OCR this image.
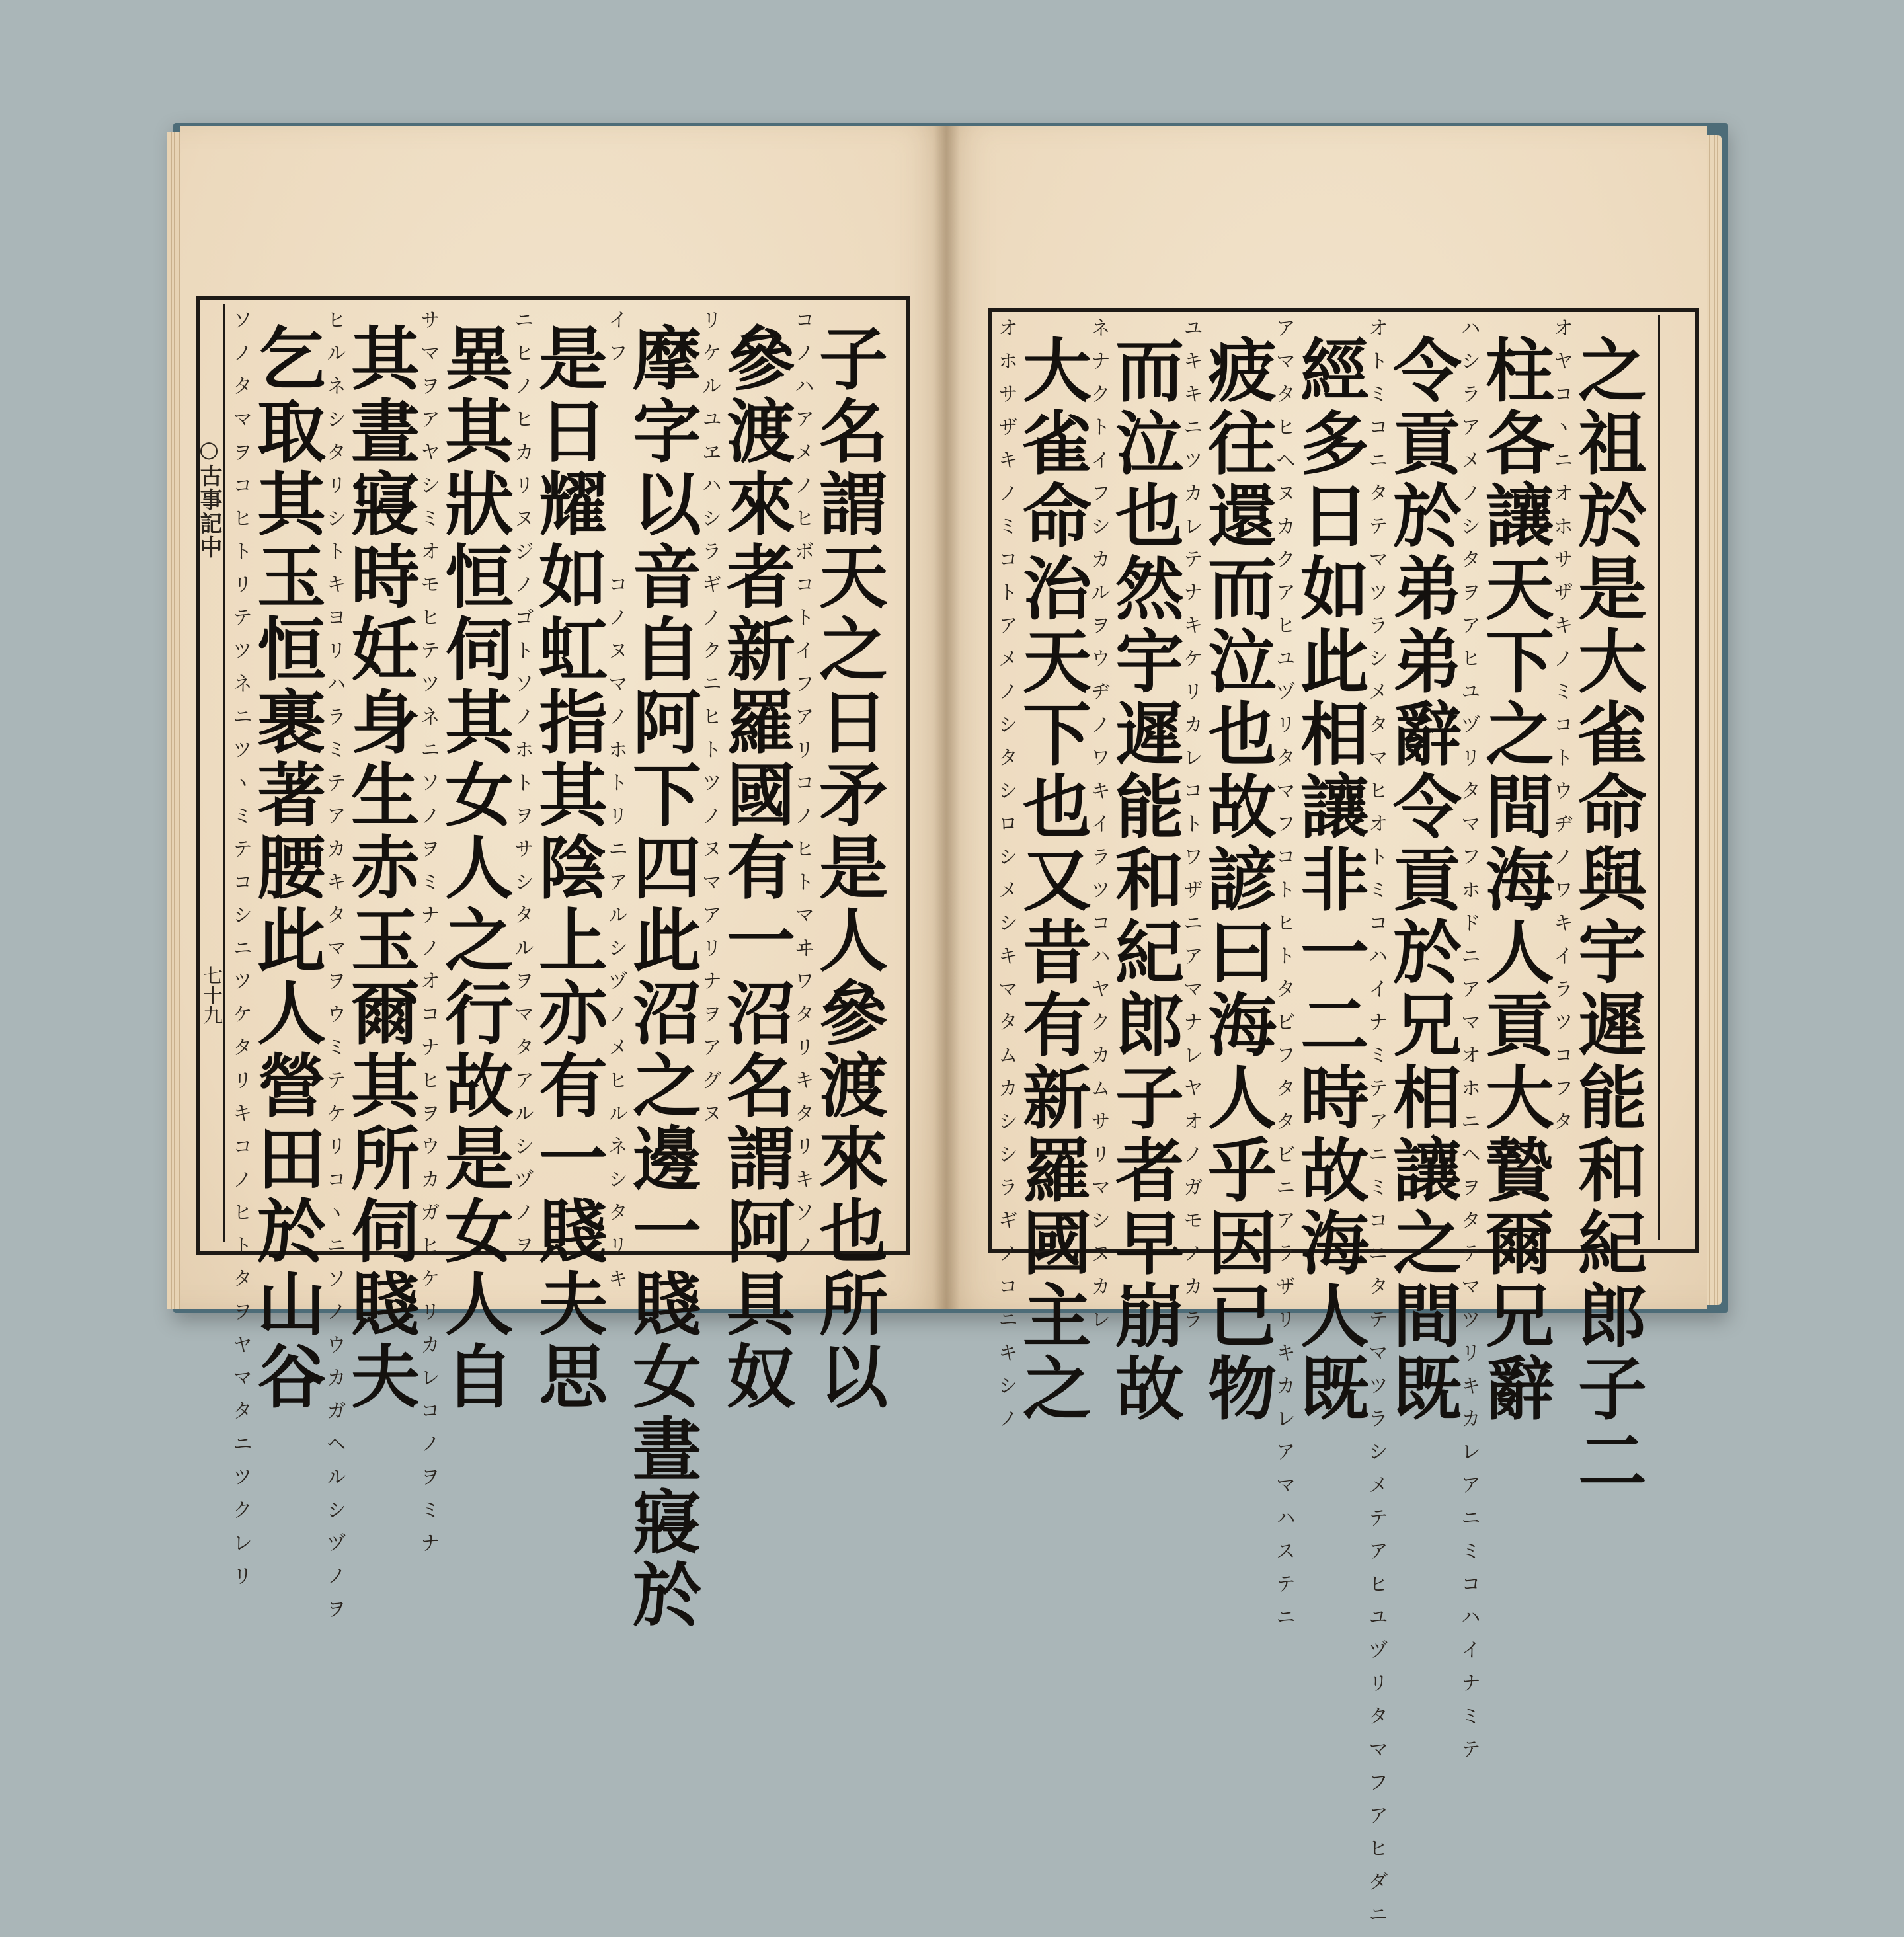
○古事記中
七十九	子名謂天之日矛是人參渡來也所以
コノハアメノヒボコトイフアリコノヒトマヰワタリキタリキソノ
參渡來者新羅國有一沼名謂阿具奴
リケルユヱハシラギノクニヒトツノヌマアリナヲアグヌ
摩字以音自阿下四此沼之邊一賤女晝寢於
イフ　　　　　　コノヌマノホトリニアルシヅノメヒルネシタリキ
是日耀如虹指其陰上亦有一賤夫思
ニヒノヒカリヌジノゴトソノホトヲサシタルヲマタアルシヅノヲ
異其狀恒伺其女人之行故是女人自
サマヲアヤシミオモヒテツネニソノヲミナノオコナヒヲウカガヒケリカレコノヲミナ
其晝寢時妊身生赤玉爾其所伺賤夫
ヒルネシタリシトキヨリハラミテアカキタマヲウミテケリコヽニソノウカガヘルシヅノヲ
乞取其玉恒裹著腰此人營田於山谷
ソノタマヲコヒトリテツネニツヽミテコシニツケタリキコノヒトタヲヤマタニツクレリ	之祖於是大雀命與宇遲能和紀郎子二
オヤコヽニオホサザキノミコトウヂノワキイラツコフタ
柱各讓天下之間海人貢大贄爾兄辭
ハシラアメノシタヲアヒユヅリタマフホドニアマオホニヘヲタテマツリキカレアニミコハイナミテ
令貢於弟弟辭令貢於兄相讓之間既
オトミコニタテマツラシメタマヒオトミコハイナミテアニミコニタテマツラシメテアヒユヅリタマフアヒダニ
經多日如此相讓非一二時故海人既
アマタヒヘヌカクアヒユヅリタマフコトヒトタビフタタビニアラザリキカレアマハステニ
疲往還而泣也故諺曰海人乎因已物
ユキキニツカレテナキケリカレコトワザニアマナレヤオノガモノカラ
而泣也然宇遲能和紀郎子者早崩故
ネナクトイフシカルヲウヂノワキイラツコハヤクカムサリマシヌカレ
大雀命治天下也又昔有新羅國主之
オホサザキノミコトアメノシタシロシメシキマタムカシシラギノコニキシノ
